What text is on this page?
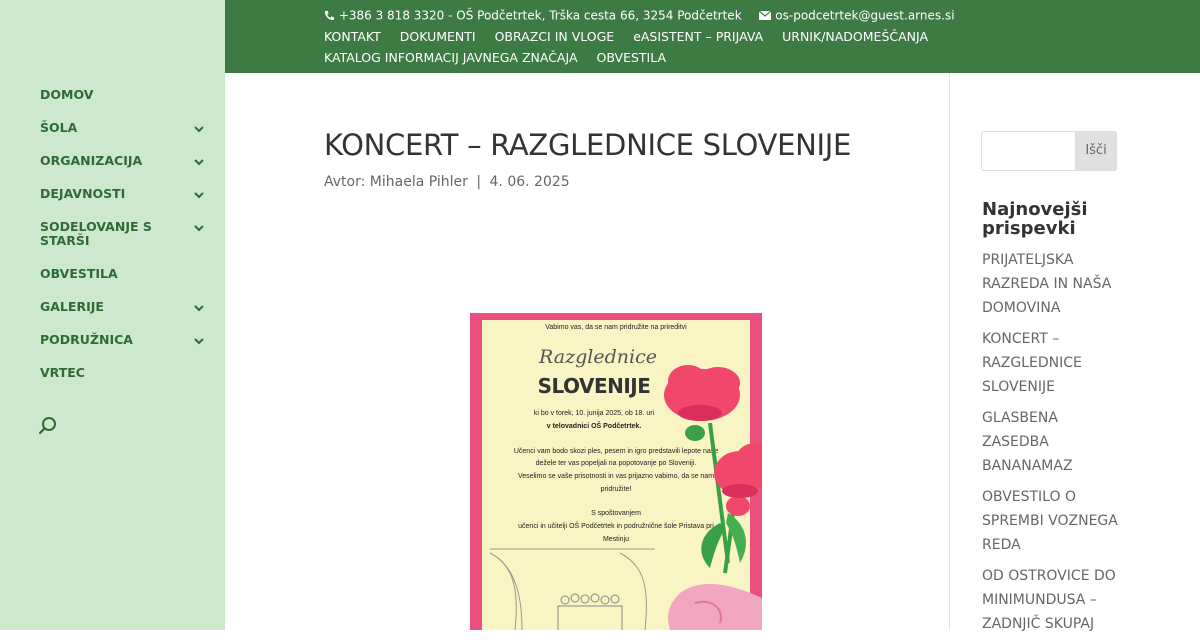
DOMOV
ŠOLA
ORGANIZACIJA
DEJAVNOSTI
SODELOVANJE S STARŠI
OBVESTILA
GALERIJE
PODRUŽNICA
VRTEC
+386 3 818 3320 - OŠ Podčetrtek, Trška cesta 66, 3254 Podčetrtek	os-podcetrtek@guest.arnes.si
KONTAKT DOKUMENTI OBRAZCI IN VLOGE eASISTENT – PRIJAVA URNIK/NADOMEŠČANJA
KATALOG INFORMACIJ JAVNEGA ZNAČAJA OBVESTILA
KONCERT – RAZGLEDNICE SLOVENIJE
Avtor: Mihaela Pihler | 4. 06. 2025
Vabimo vas, da se nam pridružite na prireditvi
Razglednice
SLOVENIJE
ki bo v torek, 10. junija 2025, ob 18. uri
v telovadnici OŠ Podčetrtek.
Učenci vam bodo skozi ples, pesem in igro predstavili lepote naše
dežele ter vas popeljali na popotovanje po Sloveniji.
Veselimo se vaše prisotnosti in vas prijazno vabimo, da se nam
pridružite!
S spoštovanjem
učenci in učitelji OŠ Podčetrtek in podružnične šole Pristava pri
Mestinju
Išči
Najnovejši prispevki
PRIJATELJSKA RAZREDA IN NAŠA DOMOVINA
KONCERT – RAZGLEDNICE SLOVENIJE
GLASBENA ZASEDBA BANANAMAZ
OBVESTILO O SPREMBI VOZNEGA REDA
OD OSTROVICE DO MINIMUNDUSA – ZADNJIČ SKUPAJ
